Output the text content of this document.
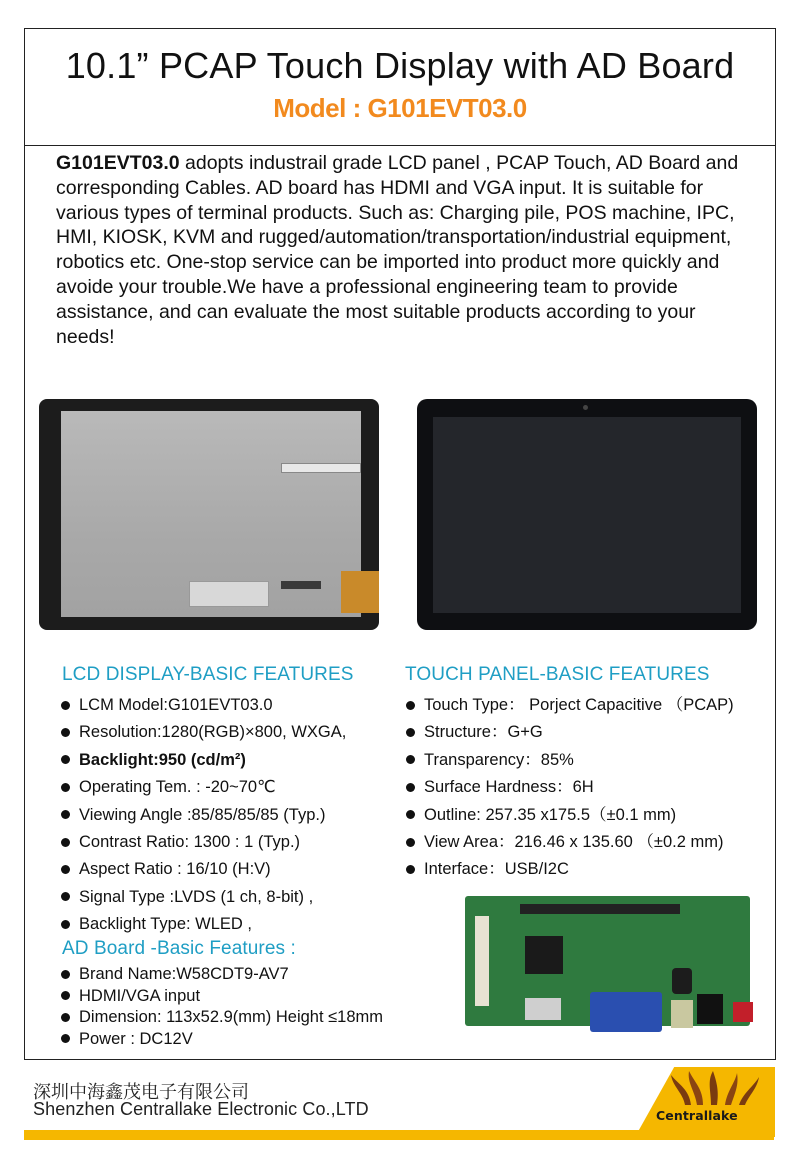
10.1” PCAP Touch Display with AD Board
Model : G101EVT03.0

G101EVT03.0 adopts industrail grade LCD panel , PCAP Touch, AD Board and corresponding Cables. AD board has HDMI and VGA input. It is suitable for various types of terminal products. Such as: Charging pile, POS machine, IPC, HMI, KIOSK, KVM and rugged/automation/transportation/industrial equipment, robotics etc. One-stop service can be imported into product more quickly and avoide your trouble.We have a professional engineering team to provide assistance, and can evaluate the most suitable products according to your needs!

LCD DISPLAY-BASIC FEATURES
LCM Model:G101EVT03.0
Resolution:1280(RGB)×800, WXGA,
Backlight:950 (cd/m²)
Operating Tem. : -20~70℃
Viewing Angle :85/85/85/85 (Typ.)
Contrast Ratio: 1300 : 1 (Typ.)
Aspect Ratio : 16/10 (H:V)
Signal Type :LVDS (1 ch, 8-bit) ,
Backlight Type: WLED ,
TOUCH PANEL-BASIC FEATURES
Touch Type： Porject Capacitive （PCAP)
Structure：G+G
Transparency：85%
Surface Hardness：6H
Outline: 257.35 x175.5（±0.1 mm)
View Area：216.46 x 135.60 （±0.2 mm)
Interface：USB/I2C
AD Board -Basic Features :
Brand Name:W58CDT9-AV7
HDMI/VGA input
Dimension: 113x52.9(mm) Height ≤18mm
Power : DC12V
深圳中海鑫茂电子有限公司
Shenzhen Centrallake Electronic Co.,LTD	Centrallake
